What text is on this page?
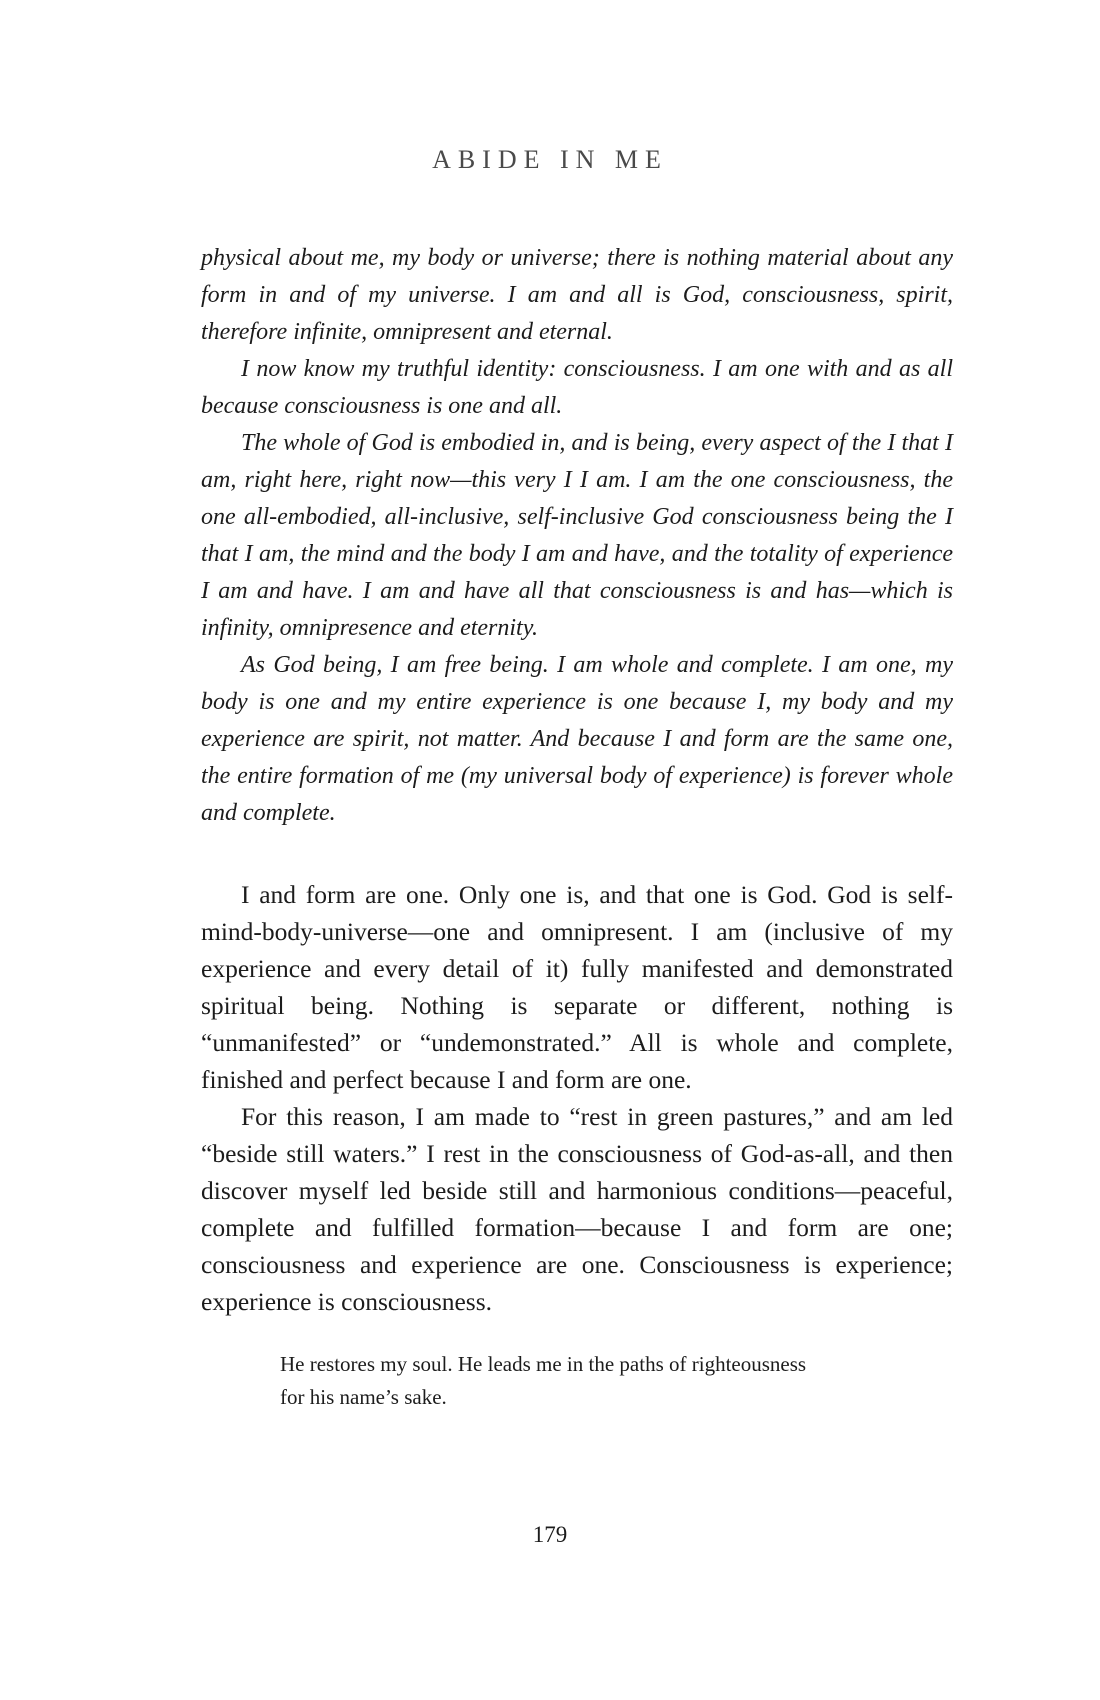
ABIDE IN ME

physical about me, my body or universe; there is nothing material about any form in and of my universe. I am and all is God, consciousness, spirit, therefore infinite, omnipresent and eternal.

I now know my truthful identity: consciousness. I am one with and as all because consciousness is one and all.

The whole of God is embodied in, and is being, every aspect of the I that I am, right here, right now—this very I I am. I am the one consciousness, the one all-embodied, all-inclusive, self-inclusive God consciousness being the I that I am, the mind and the body I am and have, and the totality of experience I am and have. I am and have all that consciousness is and has—which is infinity, omnipresence and eternity.

As God being, I am free being. I am whole and complete. I am one, my body is one and my entire experience is one because I, my body and my experience are spirit, not matter. And because I and form are the same one, the entire formation of me (my universal body of experience) is forever whole and complete.

I and form are one. Only one is, and that one is God. God is self-mind-body-universe—one and omnipresent. I am (inclusive of my experience and every detail of it) fully manifested and demonstrated spiritual being. Nothing is separate or different, nothing is “unmanifested” or “undemonstrated.” All is whole and complete, finished and perfect because I and form are one.

For this reason, I am made to “rest in green pastures,” and am led “beside still waters.” I rest in the consciousness of God-as-all, and then discover myself led beside still and harmonious conditions—peaceful, complete and fulfilled formation—because I and form are one; consciousness and experience are one. Consciousness is experience; experience is consciousness.

He restores my soul. He leads me in the paths of righteousness

for his name’s sake.

179
